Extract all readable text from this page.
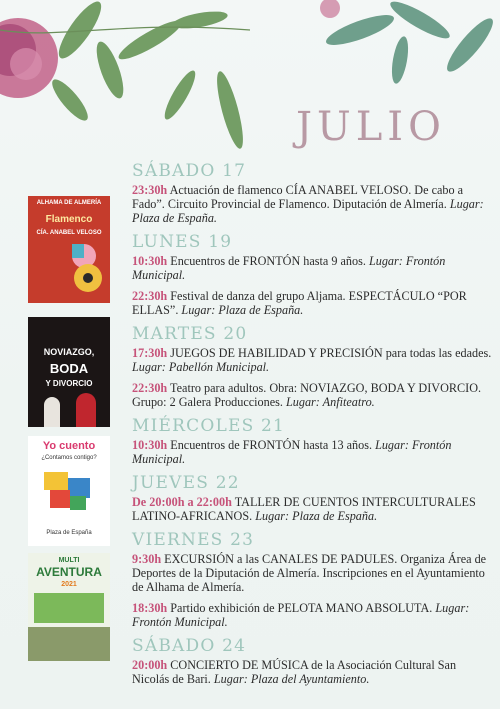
JULIO
ALHAMA DE ALMERÍA
Flamenco
CÍA. ANABEL VELOSO
NOVIAZGO,
BODA
Y DIVORCIO
Yo cuento
¿Contamos contigo?
Plaza de España
MULTI
AVENTURA
2021
SÁBADO 17
23:30h Actuación de flamenco CÍA ANABEL VELOSO. De cabo a Fado”. Circuito Provincial de Flamenco. Diputación de Almería. Lugar: Plaza de España.
LUNES 19
10:30h Encuentros de FRONTÓN hasta 9 años. Lugar: Frontón Municipal.
22:30h Festival de danza del grupo Aljama. ESPECTÁCULO “POR ELLAS”. Lugar: Plaza de España.
MARTES 20
17:30h JUEGOS DE HABILIDAD Y PRECISIÓN para todas las edades. Lugar: Pabellón Municipal.
22:30h Teatro para adultos. Obra: NOVIAZGO, BODA Y DIVORCIO. Grupo: 2 Galera Producciones. Lugar: Anfiteatro.
MIÉRCOLES 21
10:30h Encuentros de FRONTÓN hasta 13 años. Lugar: Frontón Municipal.
JUEVES 22
De 20:00h a 22:00h TALLER DE CUENTOS INTERCULTURALES LATINO-AFRICANOS. Lugar: Plaza de España.
VIERNES 23
9:30h EXCURSIÓN a las CANALES DE PADULES. Organiza Área de Deportes de la Diputación de Almería. Inscripciones en el Ayuntamiento de Alhama de Almería.
18:30h Partido exhibición de PELOTA MANO ABSOLUTA. Lugar: Frontón Municipal.
SÁBADO 24
20:00h CONCIERTO DE MÚSICA de la Asociación Cultural San Nicolás de Bari. Lugar: Plaza del Ayuntamiento.
